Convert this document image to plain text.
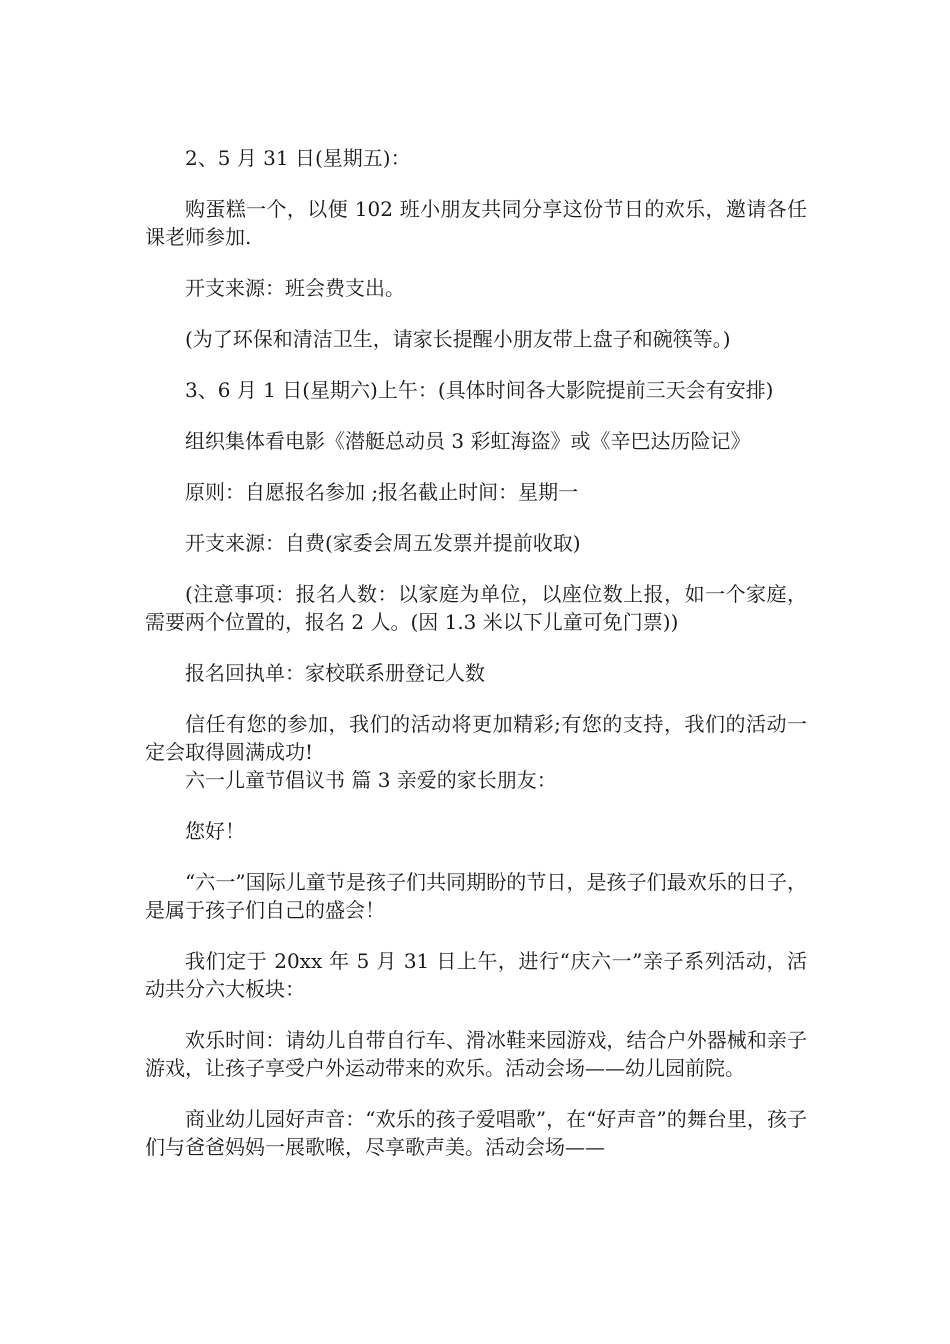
2、5 月 31 日(星期五)：

购蛋糕一个，以便 102 班小朋友共同分享这份节日的欢乐，邀请各任课老师参加.

开支来源：班会费支出。

(为了环保和清洁卫生，请家长提醒小朋友带上盘子和碗筷等。)

3、6 月 1 日(星期六)上午：(具体时间各大影院提前三天会有安排)

组织集体看电影《潜艇总动员 3 彩虹海盗》或《辛巴达历险记》

原则：自愿报名参加 ;报名截止时间：星期一

开支来源：自费(家委会周五发票并提前收取)

(注意事项：报名人数：以家庭为单位，以座位数上报，如一个家庭，需要两个位置的，报名 2 人。(因 1.3 米以下儿童可免门票))

报名回执单：家校联系册登记人数

信任有您的参加，我们的活动将更加精彩;有您的支持，我们的活动一定会取得圆满成功!

六一儿童节倡议书 篇 3 亲爱的家长朋友：

您好！

“六一”国际儿童节是孩子们共同期盼的节日，是孩子们最欢乐的日子，是属于孩子们自己的盛会！

我们定于 20xx 年 5 月 31 日上午，进行“庆六一”亲子系列活动，活动共分六大板块：

欢乐时间：请幼儿自带自行车、滑冰鞋来园游戏，结合户外器械和亲子游戏，让孩子享受户外运动带来的欢乐。活动会场——幼儿园前院。

商业幼儿园好声音：“欢乐的孩子爱唱歌”，在“好声音”的舞台里，孩子们与爸爸妈妈一展歌喉，尽享歌声美。活动会场——
